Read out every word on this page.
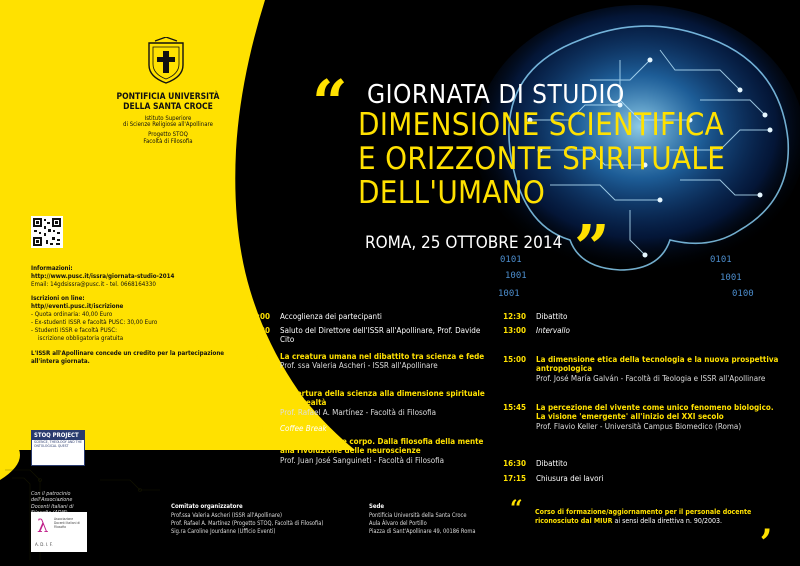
PONTIFICIA UNIVERSITÀ
DELLA SANTA CROCE
Istituto Superiore
di Scienze Religiose all'Apollinare
Progetto STOQ
Facoltà di Filosofia
Informazioni:
http://www.pusc.it/issra/giornata-studio-2014
Email: 14gdsissra@pusc.it - tel. 0668164330
Iscrizioni on line:
http//eventi.pusc.it/iscrizione
- Quota ordinaria: 40,00 Euro
- Ex-studenti ISSR e facoltà PUSC: 30,00 Euro
- Studenti ISSR e facoltà PUSC:
iscrizione obbligatoria gratuita
L'ISSR all'Apollinare concede un credito per la partecipazione all'intera giornata.
STOQ PROJECT
SCIENCE, THEOLOGY AND THE ONTOLOGICAL QUEST
Con il patrocinio dell'Associazione Docenti Italiani di
λ	Associazione Docenti Italiani di Filosofia
A. D. I. F.
0101
1001
1001
0101
1001
0100
“ GIORNATA DI STUDIO
DIMENSIONE SCIENTIFICA
E ORIZZONTE SPIRITUALE
DELL'UMANO
ROMA, 25 OTTOBRE 2014 ”
9:00 Accoglienza dei partecipanti
9:30 Saluto del Direttore dell'ISSR all'Apollinare, Prof. Davide Cito
9:45 La creatura umana nel dibattito tra scienza e fede
Prof. ssa Valeria Ascheri - ISSR all'Apollinare
10:30 L'apertura della scienza alla dimensione spirituale della realtà
Prof. Rafael A. Martínez - Facoltà di Filosofia
11:15 Coffee Break
11:45 L'uomo: anima e corpo. Dalla filosofia della mente alla rivoluzione delle neuroscienze
Prof. Juan José Sanguineti - Facoltà di Filosofia
12:30 Dibattito
13:00 Intervallo
15:00 La dimensione etica della tecnologia e la nuova prospettiva antropologica
Prof. José María Galván - Facoltà di Teologia e ISSR all'Apollinare
15:45 La percezione del vivente come unico fenomeno biologico. La visione 'emergente' all'inizio del XXI secolo
Prof. Flavio Keller - Università Campus Biomedico (Roma)
16:30 Dibattito
17:15 Chiusura dei lavori
Comitato organizzatore
Prof.ssa Valeria Ascheri (ISSR all'Apollinare)
Prof. Rafael A. Martínez (Progetto STOQ, Facoltà di Filosofia)
Sig.ra Caroline Jourdanne (Ufficio Eventi)
Sede
Pontificia Università della Santa Croce
Aula Álvaro del Portillo
Piazza di Sant'Apollinare 49, 00186 Roma
“ Corso di formazione/aggiornamento per il personale docente riconosciuto dal MIUR ai sensi della direttiva n. 90/2003.	,
